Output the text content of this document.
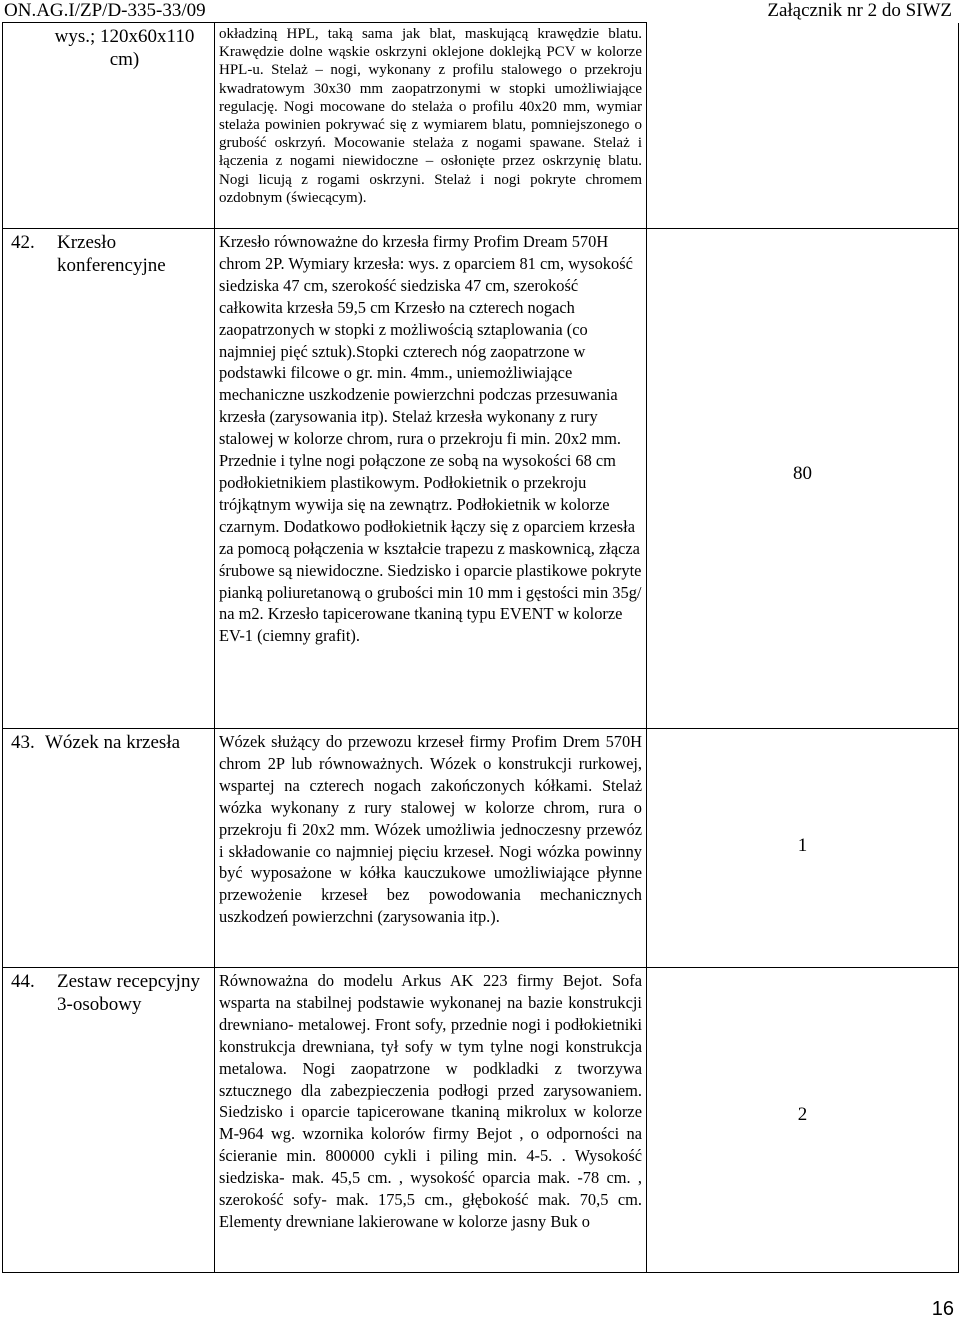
ON.AG.I/ZP/D-335-33/09	Załącznik nr 2 do SIWZ
wys.; 120x60x110 cm)	okładziną HPL, taką sama jak blat, maskującą krawędzie blatu. Krawędzie dolne wąskie oskrzyni oklejone doklejką PCV w kolorze HPL-u. Stelaż – nogi, wykonany z profilu stalowego o przekroju kwadratowym 30x30 mm zaopatrzonymi w stopki umożliwiające regulację. Nogi mocowane do stelaża o profilu 40x20 mm, wymiar stelaża powinien pokrywać się z wymiarem blatu, pomniejszonego o grubość oskrzyń. Mocowanie stelaża z nogami spawane. Stelaż i łączenia z nogami niewidoczne – osłonięte przez oskrzynię blatu. Nogi licują z rogami oskrzyni. Stelaż i nogi pokryte chromem ozdobnym (świecącym).	

42. Krzesło konferencyjne	Krzesło równoważne do krzesła firmy Profim Dream 570H chrom 2P. Wymiary krzesła: wys. z oparciem 81 cm, wysokość siedziska 47 cm, szerokość siedziska 47 cm, szerokość całkowita krzesła 59,5 cm Krzesło na czterech nogach zaopatrzonych w stopki z możliwością sztaplowania (co najmniej pięć sztuk).Stopki czterech nóg zaopatrzone w podstawki filcowe o gr. min. 4mm., uniemożliwiające mechaniczne uszkodzenie powierzchni podczas przesuwania krzesła (zarysowania itp). Stelaż krzesła wykonany z rury stalowej w kolorze chrom, rura o przekroju fi min. 20x2 mm. Przednie i tylne nogi połączone ze sobą na wysokości 68 cm podłokietnikiem plastikowym. Podłokietnik o przekroju trójkątnym wywija się na zewnątrz. Podłokietnik w kolorze czarnym. Dodatkowo podłokietnik łączy się z oparciem krzesła za pomocą połączenia w kształcie trapezu z maskownicą, złącza śrubowe są niewidoczne. Siedzisko i oparcie plastikowe pokryte pianką poliuretanową o grubości min 10 mm i gęstości min 35g/ na m2. Krzesło tapicerowane tkaniną typu EVENT w kolorze EV-1 (ciemny grafit).	80

43. Wózek na krzesła	Wózek służący do przewozu krzeseł firmy Profim Drem 570H chrom 2P lub równoważnych. Wózek o konstrukcji rurkowej, wspartej na czterech nogach zakończonych kółkami. Stelaż wózka wykonany z rury stalowej w kolorze chrom, rura o przekroju fi 20x2 mm. Wózek umożliwia jednoczesny przewóz i składowanie co najmniej pięciu krzeseł. Nogi wózka powinny być wyposażone w kółka kauczukowe umożliwiające płynne przewożenie krzeseł bez powodowania mechanicznych uszkodzeń powierzchni (zarysowania itp.).	1

44. Zestaw recepcyjny 3-osobowy	Równoważna do modelu Arkus AK 223 firmy Bejot. Sofa wsparta na stabilnej podstawie wykonanej na bazie konstrukcji drewniano- metalowej. Front sofy, przednie nogi i podłokietniki konstrukcja drewniana, tył sofy w tym tylne nogi konstrukcja metalowa. Nogi zaopatrzone w podkladki z tworzywa sztucznego dla zabezpieczenia podłogi przed zarysowaniem. Siedzisko i oparcie tapicerowane tkaniną mikrolux w kolorze M-964 wg. wzornika kolorów firmy Bejot , o odporności na ścieranie min. 800000 cykli i piling min. 4-5. . Wysokość siedziska- mak. 45,5 cm. , wysokość oparcia mak. -78 cm. , szerokość sofy- mak. 175,5 cm., głębokość mak. 70,5 cm. Elementy drewniane lakierowane w kolorze jasny Buk o	2
16
